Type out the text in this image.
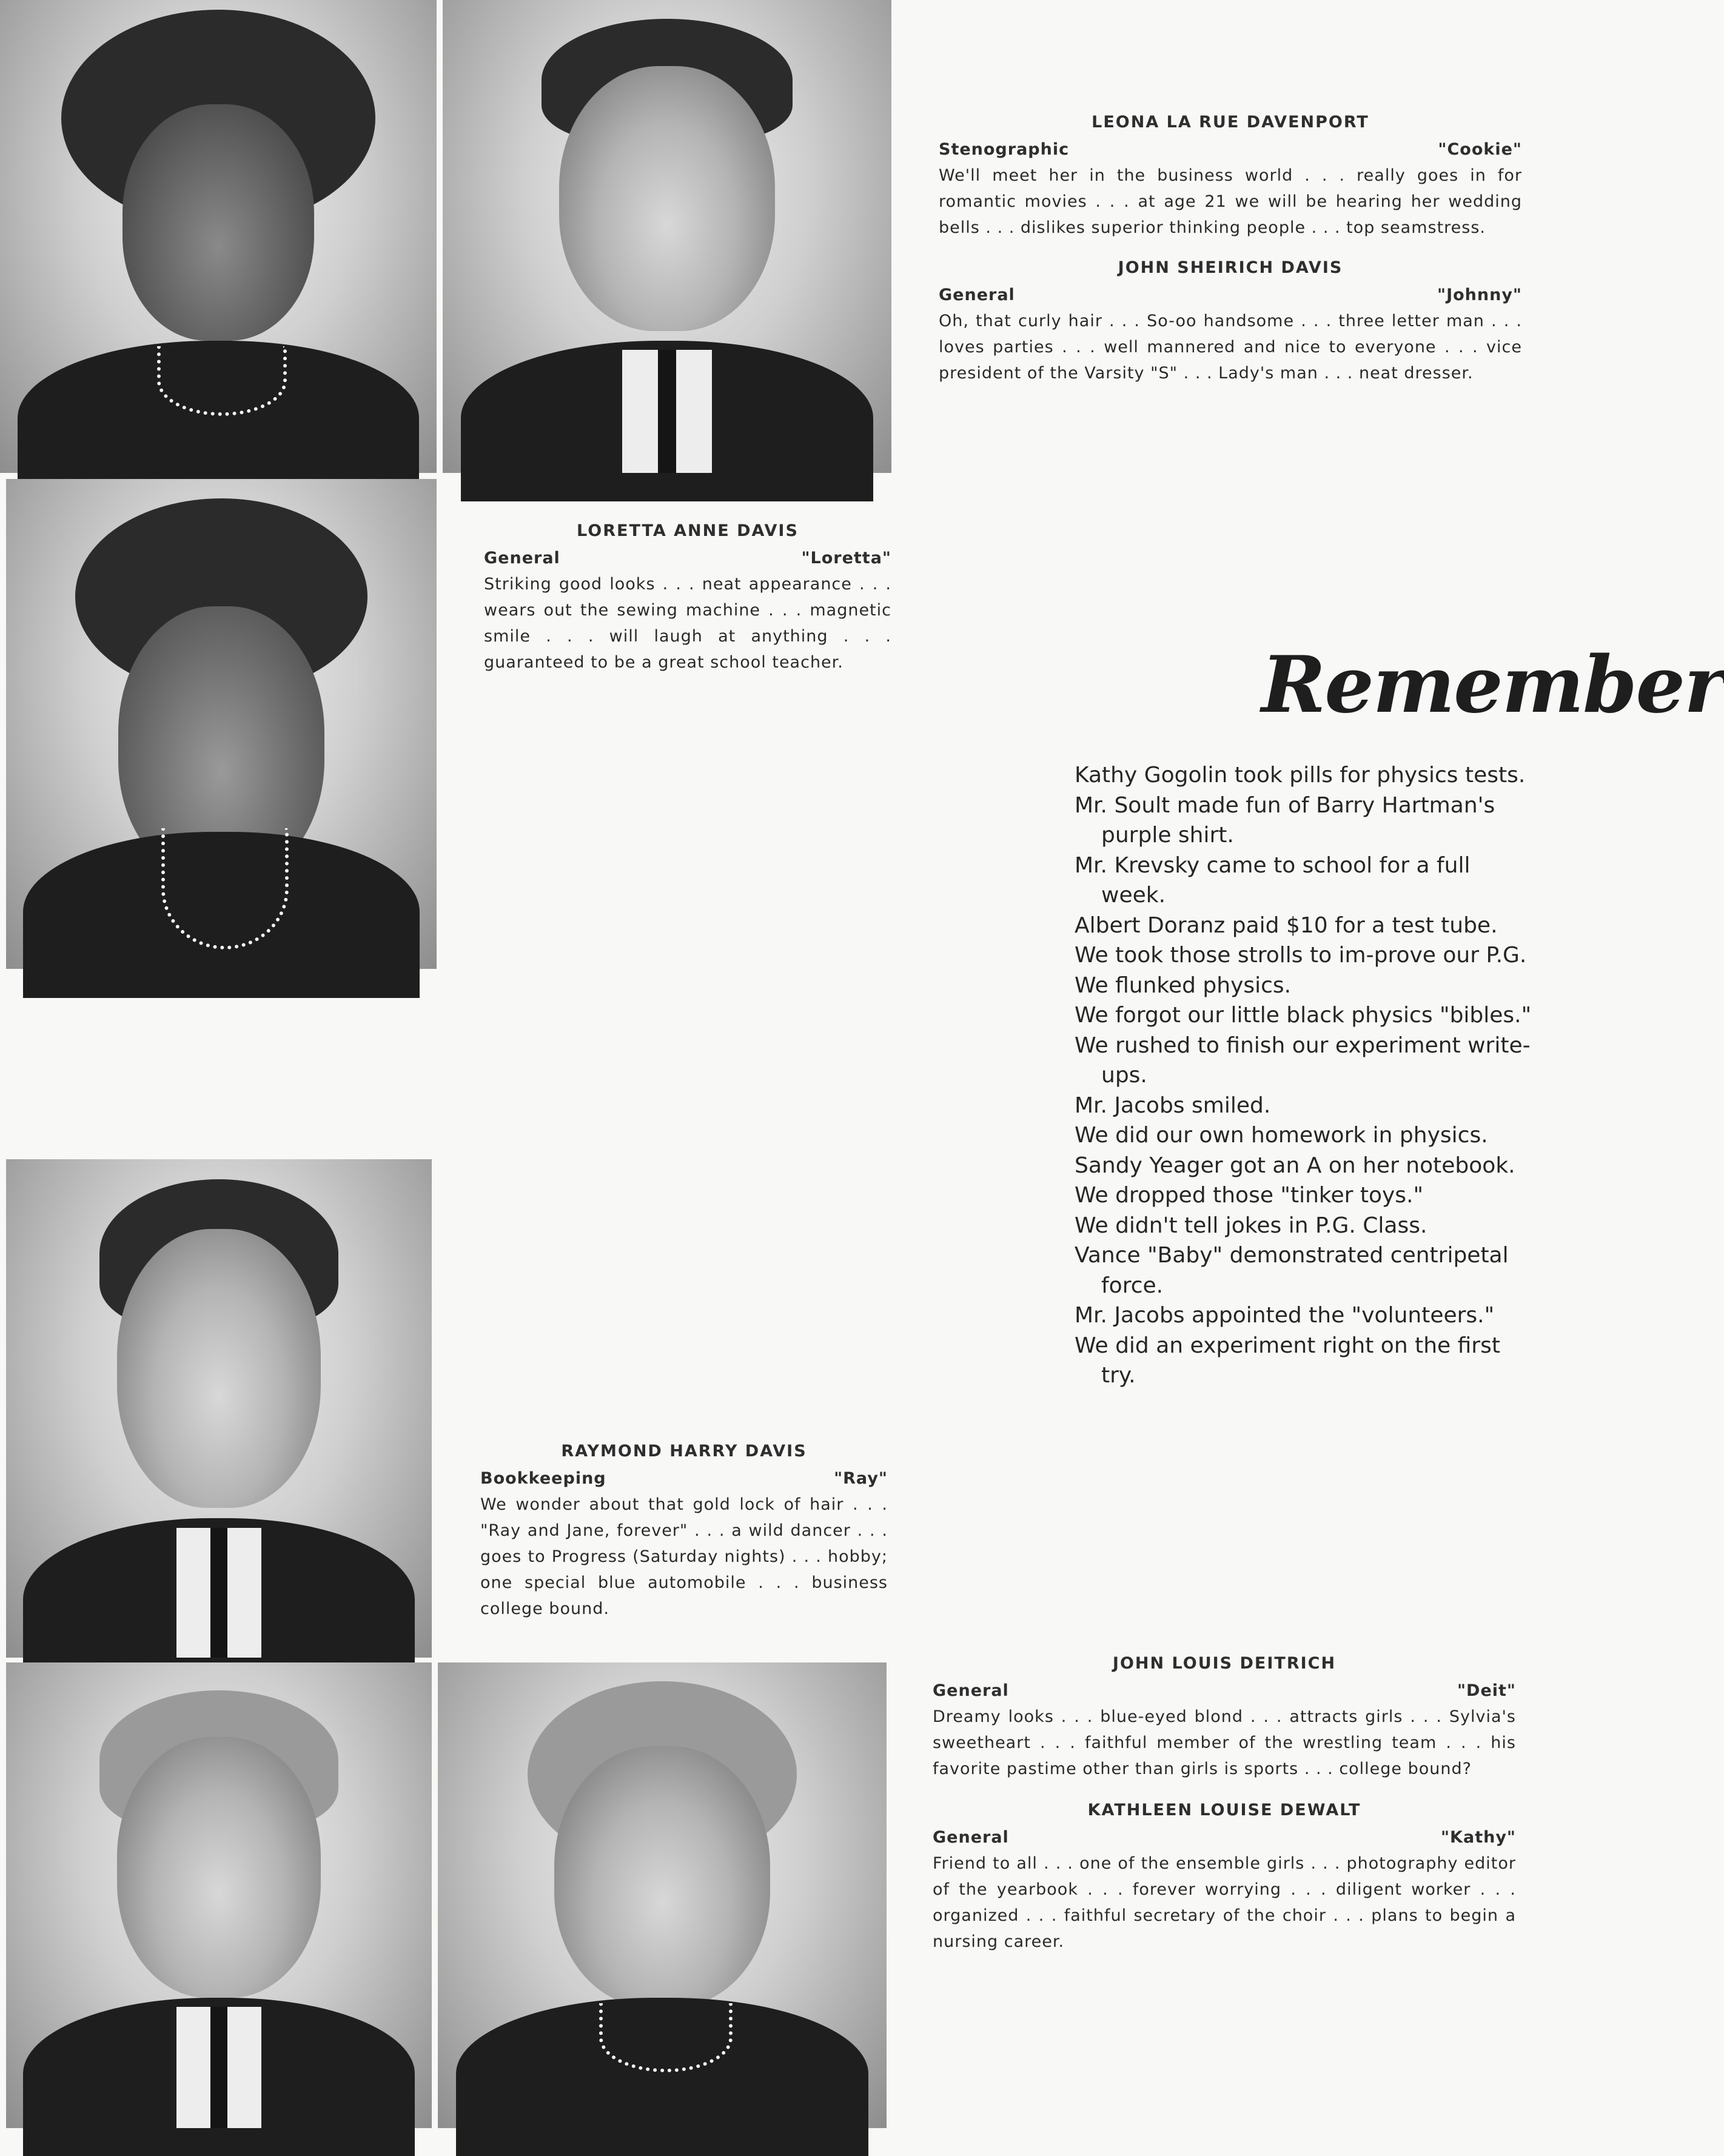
LEONA LA RUE DAVENPORT
Stenographic	"Cookie"
We'll meet her in the business world . . . really goes in for romantic movies . . . at age 21 we will be hearing her wedding bells . . . dislikes superior thinking people . . . top seamstress.
JOHN SHEIRICH DAVIS
General	"Johnny"
Oh, that curly hair . . . So-oo handsome . . . three letter man . . . loves parties . . . well mannered and nice to everyone . . . vice president of the Varsity "S" . . . Lady's man . . . neat dresser.
LORETTA ANNE DAVIS
General	"Loretta"
Striking good looks . . . neat appearance . . . wears out the sewing machine . . . magnetic smile . . . will laugh at anything . . . guaranteed to be a great school teacher.
RAYMOND HARRY DAVIS
Bookkeeping	"Ray"
We wonder about that gold lock of hair . . . "Ray and Jane, forever" . . . a wild dancer . . . goes to Progress (Saturday nights) . . . hobby; one special blue automobile . . . business college bound.
JOHN LOUIS DEITRICH
General	"Deit"
Dreamy looks . . . blue-eyed blond . . . attracts girls . . . Sylvia's sweetheart . . . faithful member of the wrestling team . . . his favorite pastime other than girls is sports . . . college bound?
KATHLEEN LOUISE DEWALT
General	"Kathy"
Friend to all . . . one of the ensemble girls . . . photography editor of the yearbook . . . forever worrying . . . diligent worker . . . organized . . . faithful secretary of the choir . . . plans to begin a nursing career.
Remember
Kathy Gogolin took pills for physics tests.
Mr. Soult made fun of Barry Hartman's purple shirt.
Mr. Krevsky came to school for a full week.
Albert Doranz paid $10 for a test tube.
We took those strolls to im-prove our P.G.
We flunked physics.
We forgot our little black physics "bibles."
We rushed to finish our experiment write-ups.
Mr. Jacobs smiled.
We did our own homework in physics.
Sandy Yeager got an A on her notebook.
We dropped those "tinker toys."
We didn't tell jokes in P.G. Class.
Vance "Baby" demonstrated centripetal force.
Mr. Jacobs appointed the "volunteers."
We did an experiment right on the first try.
